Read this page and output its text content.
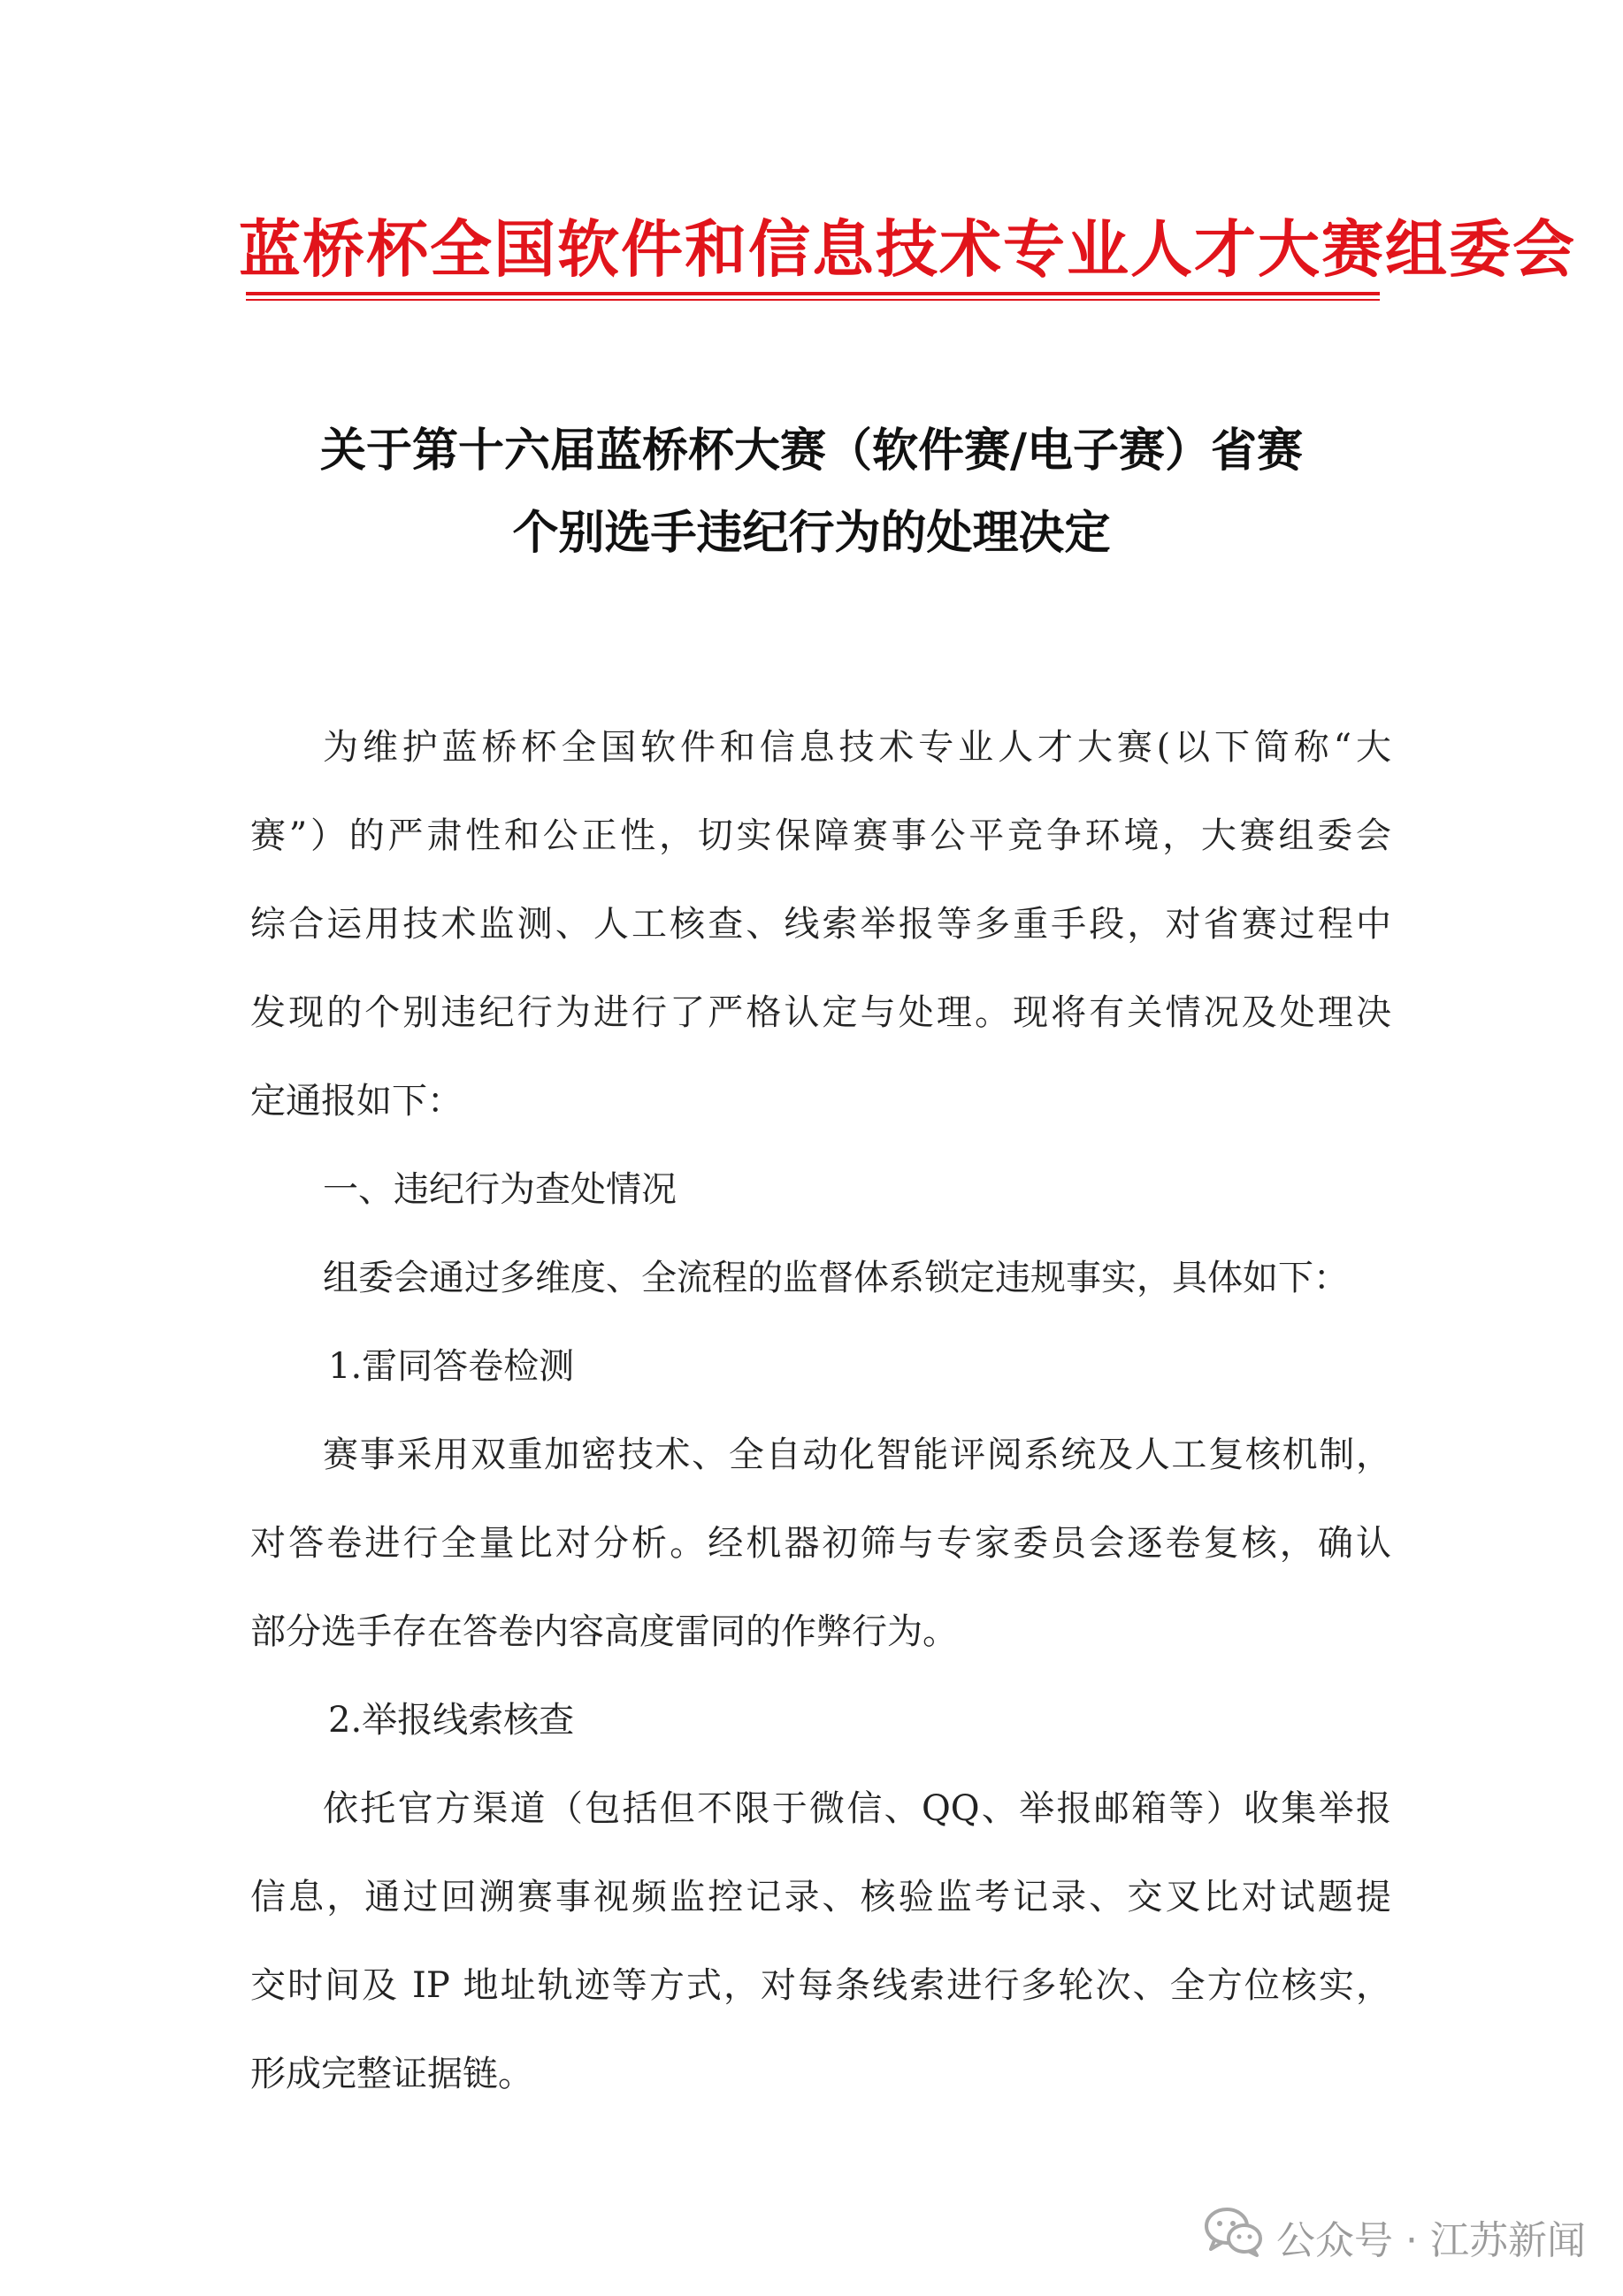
蓝桥杯全国软件和信息技术专业人才大赛组委会
关于第十六届蓝桥杯大赛（软件赛/电子赛）省赛
个别选手违纪行为的处理决定
为维护蓝桥杯全国软件和信息技术专业人才大赛(以下简称“大
赛”）的严肃性和公正性，切实保障赛事公平竞争环境，大赛组委会
综合运用技术监测、人工核查、线索举报等多重手段，对省赛过程中
发现的个别违纪行为进行了严格认定与处理。现将有关情况及处理决
定通报如下：
一、违纪行为查处情况
组委会通过多维度、全流程的监督体系锁定违规事实，具体如下：
1.雷同答卷检测
赛事采用双重加密技术、全自动化智能评阅系统及人工复核机制，
对答卷进行全量比对分析。经机器初筛与专家委员会逐卷复核，确认
部分选手存在答卷内容高度雷同的作弊行为。
2.举报线索核查
依托官方渠道（包括但不限于微信、QQ、举报邮箱等）收集举报
信息，通过回溯赛事视频监控记录、核验监考记录、交叉比对试题提
交时间及 IP 地址轨迹等方式，对每条线索进行多轮次、全方位核实，
形成完整证据链。
公众号 · 江苏新闻
